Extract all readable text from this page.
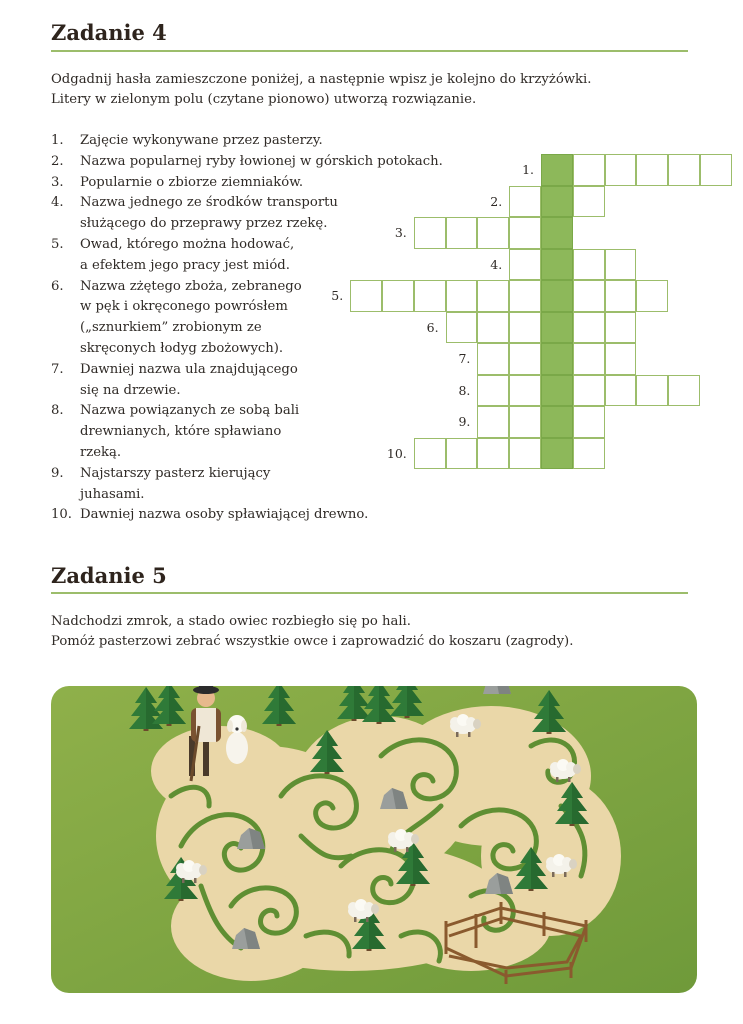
Zadanie 4
Odgadnij hasła zamieszczone poniżej, a następnie wpisz je kolejno do krzyżówki.
Litery w zielonym polu (czytane pionowo) utworzą rozwiązanie.
1. Zajęcie wykonywane przez pasterzy.
2. Nazwa popularnej ryby łowionej w górskich potokach.
3. Popularnie o zbiorze ziemniaków.
4. Nazwa jednego ze środków transportu
służącego do przeprawy przez rzekę.
5. Owad, którego można hodować,
a efektem jego pracy jest miód.
6. Nazwa zżętego zboża, zebranego
w pęk i okręconego powrósłem
(„sznurkiem” zrobionym ze
skręconych łodyg zbożowych).
7. Dawniej nazwa ula znajdującego
się na drzewie.
8. Nazwa powiązanych ze sobą bali
drewnianych, które spławiano
rzeką.
9. Najstarszy pasterz kierujący
juhasami.
10. Dawniej nazwa osoby spławiającej drewno.
1.
2.
3.
4.
5.
6.
7.
8.
9.
10.
Zadanie 5
Nadchodzi zmrok, a stado owiec rozbiegło się po hali.
Pomóż pasterzowi zebrać wszystkie owce i zaprowadzić do koszaru (zagrody).
